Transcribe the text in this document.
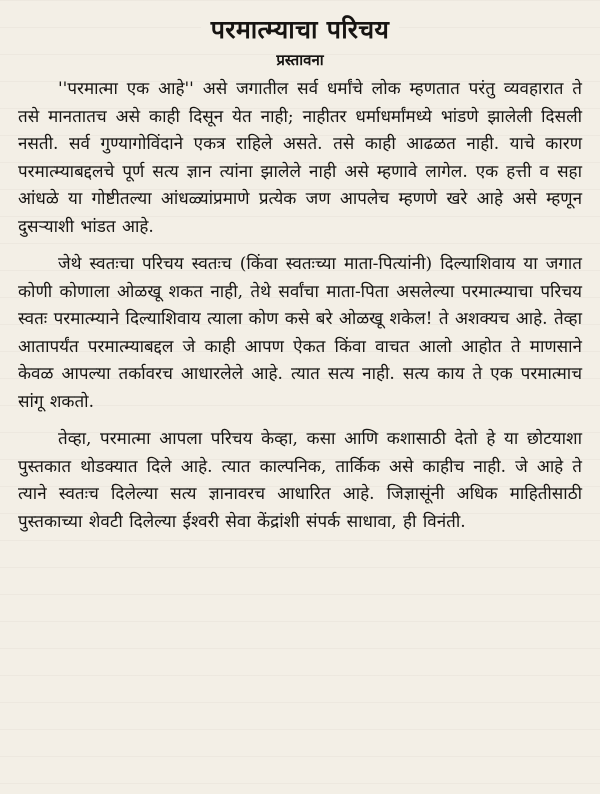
परमात्म्याचा परिचय
प्रस्तावना

''परमात्मा एक आहे'' असे जगातील सर्व धर्मांचे लोक म्हणतात परंतु व्यवहारात ते तसे मानतातच असे काही दिसून येत नाही; नाहीतर धर्माधर्मांमध्ये भांडणे झालेली दिसली नसती. सर्व गुण्यागोविंदाने एकत्र राहिले असते. तसे काही आढळत नाही. याचे कारण परमात्म्याबद्दलचे पूर्ण सत्य ज्ञान त्यांना झालेले नाही असे म्हणावे लागेल. एक हत्ती व सहा आंधळे या गोष्टीतल्या आंधळ्यांप्रमाणे प्रत्येक जण आपलेच म्हणणे खरे आहे असे म्हणून दुसऱ्याशी भांडत आहे.

जेथे स्वतःचा परिचय स्वतःच (किंवा स्वतःच्या माता-पित्यांनी) दिल्याशिवाय या जगात कोणी कोणाला ओळखू शकत नाही, तेथे सर्वांचा माता-पिता असलेल्या परमात्म्याचा परिचय स्वतः परमात्म्याने दिल्याशिवाय त्याला कोण कसे बरे ओळखू शकेल! ते अशक्यच आहे. तेव्हा आतापर्यंत परमात्म्याबद्दल जे काही आपण ऐकत किंवा वाचत आलो आहोत ते माणसाने केवळ आपल्या तर्कावरच आधारलेले आहे. त्यात सत्य नाही. सत्य काय ते एक परमात्माच सांगू शकतो.

तेव्हा, परमात्मा आपला परिचय केव्हा, कसा आणि कशासाठी देतो हे या छोटयाशा पुस्तकात थोडक्यात दिले आहे. त्यात काल्पनिक, तार्किक असे काहीच नाही. जे आहे ते त्याने स्वतःच दिलेल्या सत्य ज्ञानावरच आधारित आहे. जिज्ञासूंनी अधिक माहितीसाठी पुस्तकाच्या शेवटी दिलेल्या ईश्वरी सेवा केंद्रांशी संपर्क साधावा, ही विनंती.
